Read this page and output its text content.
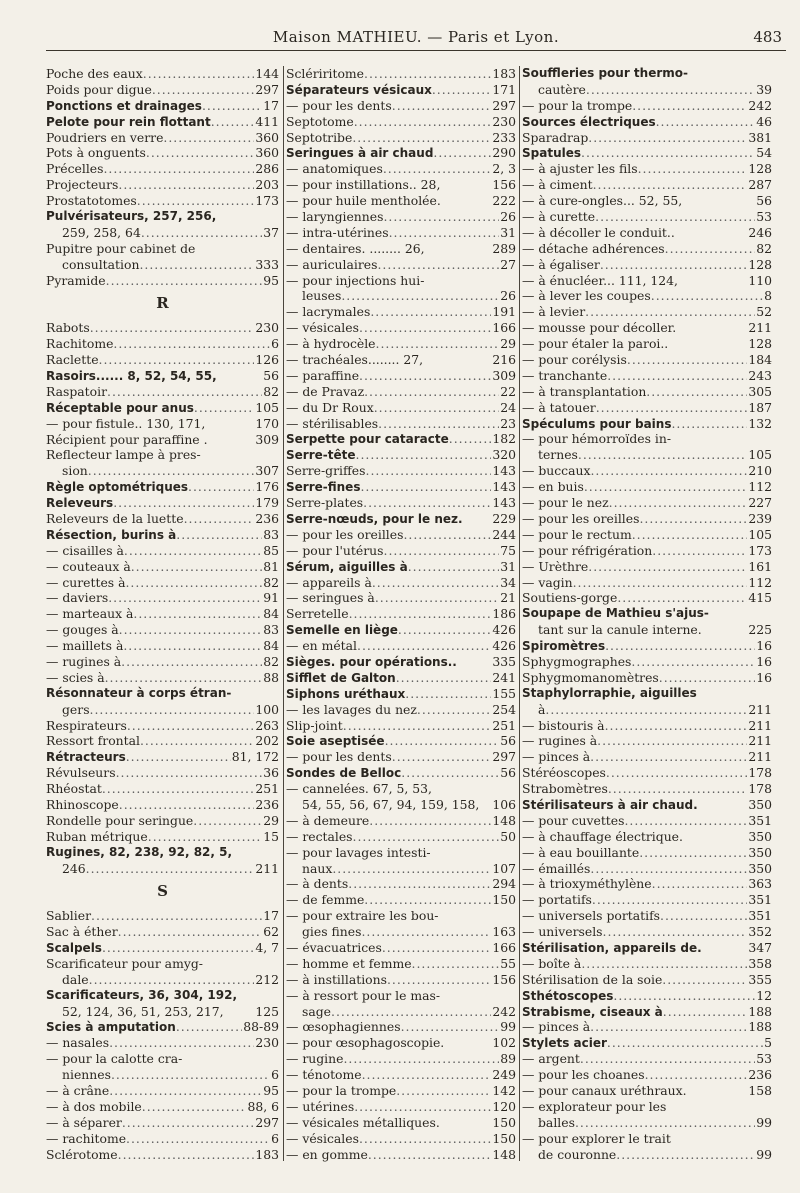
Maison MATHIEU. — Paris et Lyon.	483
Poche des eaux .....	144
Poids pour digue .....	297
Ponctions et drainages .....	17
Pelote pour rein flottant .....	411
Poudriers en verre .....	360
Pots à onguents .....	360
Précelles .....	286
Projecteurs .....	203
Prostatotomes .....	173
Pulvérisateurs, 257, 256,
259, 258, 64 .....	37
Pupitre pour cabinet de
consultation .....	333
Pyramide .....	95
R
Rabots .....	230
Rachitome .....	6
Raclette .....	126
Rasoirs...... 8, 52, 54, 55,	56
Raspatoir .....	82
Réceptable pour anus .....	105
— pour fistule.. 130, 171,	170
Récipient pour paraffine .	309
Reflecteur lampe à pres-
sion .....	307
Règle optométriques .....	176
Releveurs .....	179
Releveurs de la luette .....	236
Résection, burins à .....	83
— cisailles à .....	85
— couteaux à .....	81
— curettes à .....	82
— daviers .....	91
— marteaux à .....	84
— gouges à .....	83
— maillets à .....	84
— rugines à .....	82
— scies à .....	88
Résonnateur à corps étran-
gers .....	100
Respirateurs .....	263
Ressort frontal .....	202
Rétracteurs .....	81, 172
Révulseurs .....	36
Rhéostat .....	251
Rhinoscope .....	236
Rondelle pour seringue .....	29
Ruban métrique .....	15
Rugines, 82, 238, 92, 82, 5,
246 .....	211
S
Sablier .....	17
Sac à éther .....	62
Scalpels .....	4, 7
Scarificateur pour amyg-
dale .....	212
Scarificateurs, 36, 304, 192,
52, 124, 36, 51, 253, 217,	125
Scies à amputation .....	88-89
— nasales .....	230
— pour la calotte cra-
niennes .....	6
— à crâne .....	95
— à dos mobile .....	88, 6
— à séparer .....	297
— rachitome .....	6
Sclérotome .....	183
Sclériritome .....	183
Séparateurs vésicaux .....	171
— pour les dents .....	297
Septotome .....	230
Septotribe .....	233
Seringues à air chaud .....	290
— anatomiques .....	2, 3
— pour instillations.. 28,	156
— pour huile mentholée.	222
— laryngiennes .....	26
— intra-utérines .....	31
— dentaires. ........ 26,	289
— auriculaires .....	27
— pour injections hui-
leuses .....	26
— lacrymales .....	191
— vésicales .....	166
— à hydrocèle .....	29
— trachéales........ 27,	216
— paraffine .....	309
— de Pravaz .....	22
— du Dr Roux .....	24
— stérilisables .....	23
Serpette pour cataracte .....	182
Serre-tête .....	320
Serre-griffes .....	143
Serre-fines .....	143
Serre-plates .....	143
Serre-nœuds, pour le nez. 229
— pour les oreilles .....	244
— pour l'utérus .....	75
Sérum, aiguilles à .....	31
— appareils à .....	34
— seringues à .....	21
Serretelle .....	186
Semelle en liège .....	426
— en métal .....	426
Sièges. pour opérations..	335
Sifflet de Galton .....	241
Siphons uréthaux .....	155
— les lavages du nez .....	254
Slip-joint .....	251
Soie aseptisée .....	56
— pour les dents .....	297
Sondes de Belloc .....	56
— cannelées. 67, 5, 53,
54, 55, 56, 67, 94, 159, 158, 106
— à demeure .....	148
— rectales .....	50
— pour lavages intesti-
naux .....	107
— à dents .....	294
— de femme .....	150
— pour extraire les bou-
gies fines .....	163
— évacuatrices .....	166
— homme et femme .....	55
— à instillations .....	156
— à ressort pour le mas-
sage .....	242
— œsophagiennes .....	99
— pour œsophagoscopie.	102
— rugine .....	89
— ténotome .....	249
— pour la trompe .....	142
— utérines .....	120
— vésicales métalliques.	150
— vésicales .....	150
— en gomme .....	148
Souffleries pour thermo-
cautère .....	39
— pour la trompe .....	242
Sources électriques .....	46
Sparadrap .....	381
Spatules .....	54
— à ajuster les fils .....	128
— à ciment .....	287
— à cure-ongles... 52, 55,	56
— à curette .....	53
— à décoller le conduit..	246
— détache adhérences .....	82
— à égaliser .....	128
— à énucléer... 111, 124,	110
— à lever les coupes .....	8
— à levier .....	52
— mousse pour décoller.	211
— pour étaler la paroi..	128
— pour corélysis .....	184
— tranchante .....	243
— à transplantation .....	305
— à tatouer .....	187
Spéculums pour bains .....	132
— pour hémorroïdes in-
ternes .....	105
— buccaux .....	210
— en buis .....	112
— pour le nez .....	227
— pour les oreilles .....	239
— pour le rectum .....	105
— pour réfrigération .....	173
— Urèthre .....	161
— vagin .....	112
Soutiens-gorge .....	415
Soupape de Mathieu s'ajus-
tant sur la canule interne.	225
Spiromètres .....	16
Sphygmographes .....	16
Sphygmomanomètres .....	16
Staphylorraphie, aiguilles
à .....	211
— bistouris à .....	211
— rugines à .....	211
— pinces à .....	211
Stéréoscopes .....	178
Strabomètres .....	178
Stérilisateurs à air chaud.	350
— pour cuvettes .....	351
— à chauffage électrique.	350
— à eau bouillante .....	350
— émaillés .....	350
— à trioxyméthylène .....	363
— portatifs .....	351
— universels portatifs .....	351
— universels .....	352
Stérilisation, appareils de.	347
— boîte à .....	358
Stérilisation de la soie .....	355
Sthétoscopes .....	12
Strabisme, ciseaux à .....	188
— pinces à .....	188
Stylets acier .....	5
— argent .....	53
— pour les choanes .....	236
— pour canaux uréthraux.	158
— explorateur pour les
balles .....	99
— pour explorer le trait
de couronne .....	99
